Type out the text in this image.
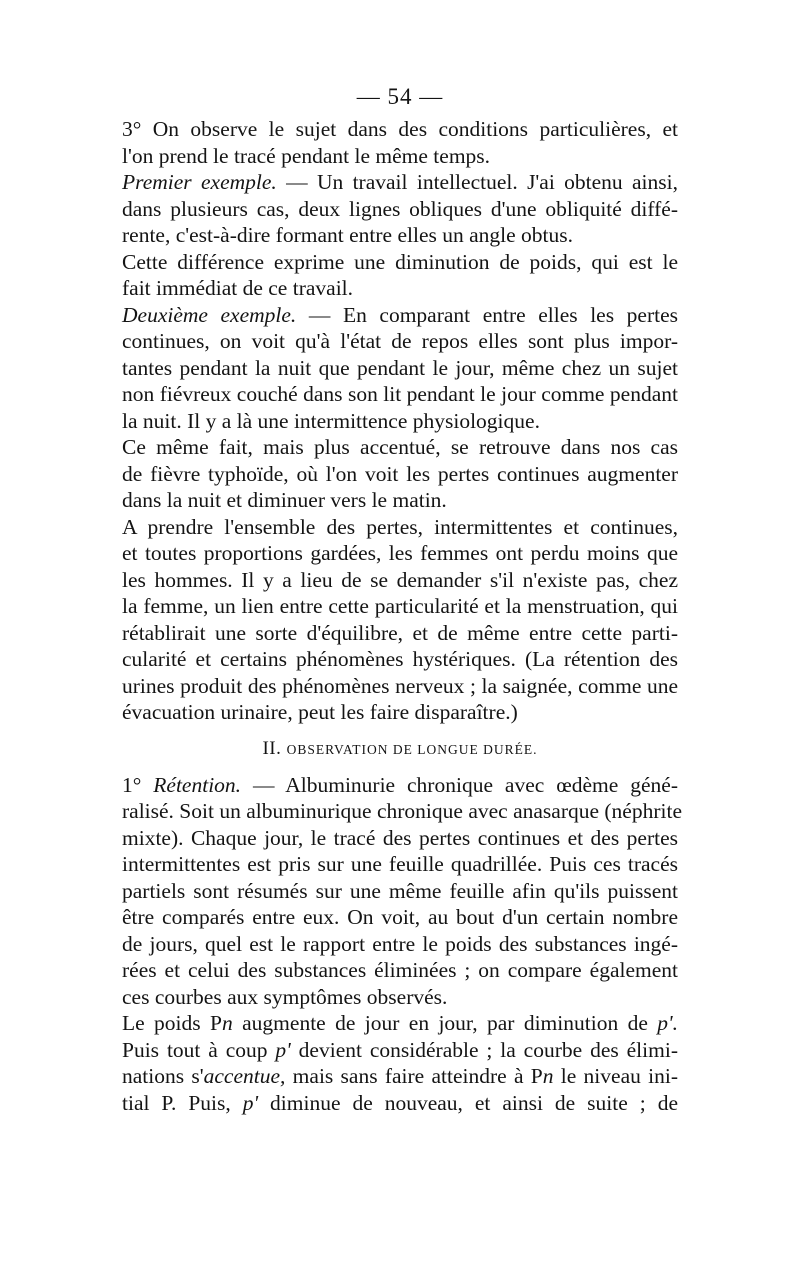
— 54 —
3° On observe le sujet dans des conditions particulières, et
l'on prend le tracé pendant le même temps.
Premier exemple. — Un travail intellectuel. J'ai obtenu ainsi,
dans plusieurs cas, deux lignes obliques d'une obliquité diffé-
rente, c'est-à-dire formant entre elles un angle obtus.
Cette différence exprime une diminution de poids, qui est le
fait immédiat de ce travail.
Deuxième exemple. — En comparant entre elles les pertes
continues, on voit qu'à l'état de repos elles sont plus impor-
tantes pendant la nuit que pendant le jour, même chez un sujet
non fiévreux couché dans son lit pendant le jour comme pendant
la nuit. Il y a là une intermittence physiologique.
Ce même fait, mais plus accentué, se retrouve dans nos cas
de fièvre typhoïde, où l'on voit les pertes continues augmenter
dans la nuit et diminuer vers le matin.
A prendre l'ensemble des pertes, intermittentes et continues,
et toutes proportions gardées, les femmes ont perdu moins que
les hommes. Il y a lieu de se demander s'il n'existe pas, chez
la femme, un lien entre cette particularité et la menstruation, qui
rétablirait une sorte d'équilibre, et de même entre cette parti-
cularité et certains phénomènes hystériques. (La rétention des
urines produit des phénomènes nerveux ; la saignée, comme une
évacuation urinaire, peut les faire disparaître.)
II. OBSERVATION DE LONGUE DURÉE.
1° Rétention. — Albuminurie chronique avec œdème géné-
ralisé. Soit un albuminurique chronique avec anasarque (néphrite
mixte). Chaque jour, le tracé des pertes continues et des pertes
intermittentes est pris sur une feuille quadrillée. Puis ces tracés
partiels sont résumés sur une même feuille afin qu'ils puissent
être comparés entre eux. On voit, au bout d'un certain nombre
de jours, quel est le rapport entre le poids des substances ingé-
rées et celui des substances éliminées ; on compare également
ces courbes aux symptômes observés.
Le poids Pn augmente de jour en jour, par diminution de p'.
Puis tout à coup p' devient considérable ; la courbe des élimi-
nations s'accentue, mais sans faire atteindre à Pn le niveau ini-
tial P. Puis, p' diminue de nouveau, et ainsi de suite ; de
